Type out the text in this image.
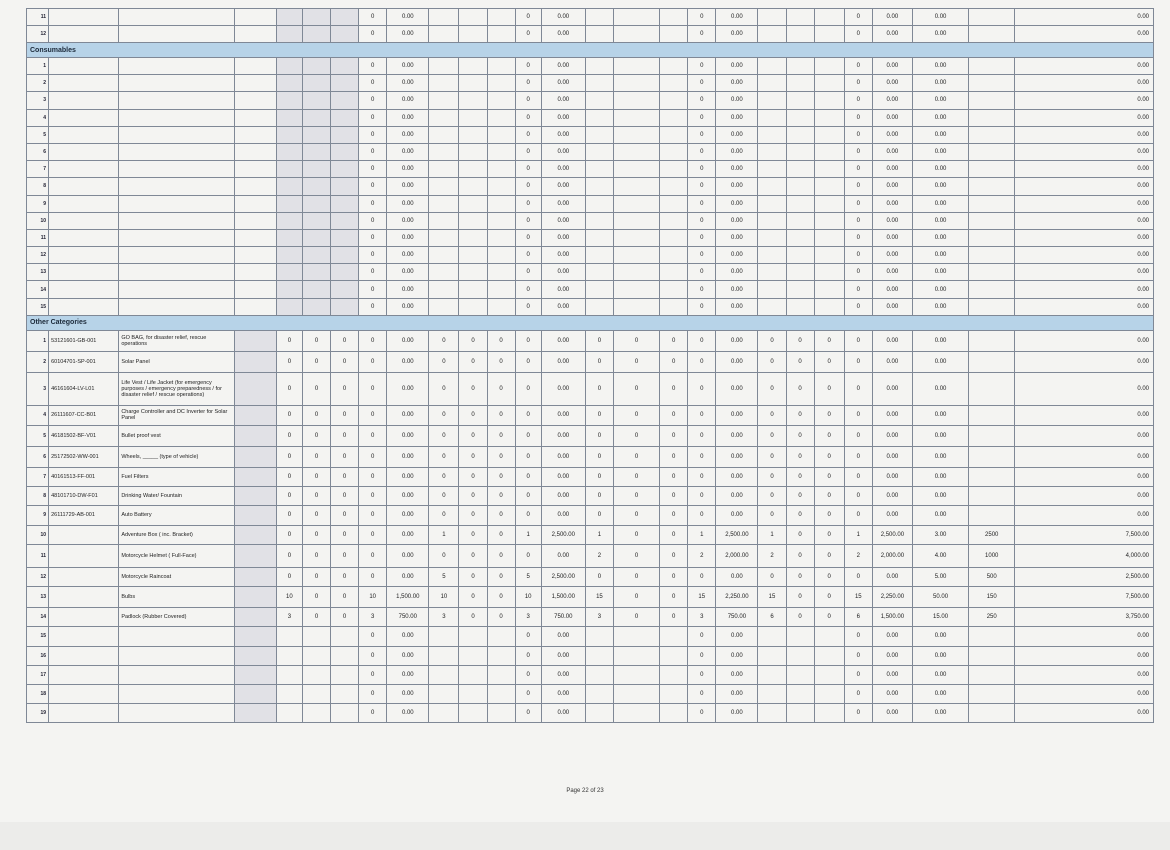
11							0	0.00				0	0.00				0	0.00				0	0.00	0.00		0.00
12							0	0.00				0	0.00				0	0.00				0	0.00	0.00		0.00
Consumables																										
1							0	0.00				0	0.00				0	0.00				0	0.00	0.00		0.00
2							0	0.00				0	0.00				0	0.00				0	0.00	0.00		0.00
3							0	0.00				0	0.00				0	0.00				0	0.00	0.00		0.00
4							0	0.00				0	0.00				0	0.00				0	0.00	0.00		0.00
5							0	0.00				0	0.00				0	0.00				0	0.00	0.00		0.00
6							0	0.00				0	0.00				0	0.00				0	0.00	0.00		0.00
7							0	0.00				0	0.00				0	0.00				0	0.00	0.00		0.00
8							0	0.00				0	0.00				0	0.00				0	0.00	0.00		0.00
9							0	0.00				0	0.00				0	0.00				0	0.00	0.00		0.00
10							0	0.00				0	0.00				0	0.00				0	0.00	0.00		0.00
11							0	0.00				0	0.00				0	0.00				0	0.00	0.00		0.00
12							0	0.00				0	0.00				0	0.00				0	0.00	0.00		0.00
13							0	0.00				0	0.00				0	0.00				0	0.00	0.00		0.00
14							0	0.00				0	0.00				0	0.00				0	0.00	0.00		0.00
15							0	0.00				0	0.00				0	0.00				0	0.00	0.00		0.00
Other Categories																										
1	53121601-GB-001	GO BAG, for disaster relief, rescue operations		0	0	0	0	0.00	0	0	0	0	0.00	0	0	0	0	0.00	0	0	0	0	0.00	0.00		0.00
2	60104701-SP-001	Solar Panel		0	0	0	0	0.00	0	0	0	0	0.00	0	0	0	0	0.00	0	0	0	0	0.00	0.00		0.00
3	46161604-LV-L01	Life Vest / Life Jacket (for emergency purposes / emergency preparedness / for disaster relief / rescue operations)		0	0	0	0	0.00	0	0	0	0	0.00	0	0	0	0	0.00	0	0	0	0	0.00	0.00		0.00
4	26111607-CC-B01	Charge Controller and DC Inverter for Solar Panel		0	0	0	0	0.00	0	0	0	0	0.00	0	0	0	0	0.00	0	0	0	0	0.00	0.00		0.00
5	46181502-BF-V01	Bullet proof vest		0	0	0	0	0.00	0	0	0	0	0.00	0	0	0	0	0.00	0	0	0	0	0.00	0.00		0.00
6	25172502-WW-001	Wheels, _____ (type of vehicle)		0	0	0	0	0.00	0	0	0	0	0.00	0	0	0	0	0.00	0	0	0	0	0.00	0.00		0.00
7	40161513-FF-001	Fuel Filters		0	0	0	0	0.00	0	0	0	0	0.00	0	0	0	0	0.00	0	0	0	0	0.00	0.00		0.00
8	48101710-DW-F01	Drinking Water/ Fountain		0	0	0	0	0.00	0	0	0	0	0.00	0	0	0	0	0.00	0	0	0	0	0.00	0.00		0.00
9	26111729-AB-001	Auto Battery		0	0	0	0	0.00	0	0	0	0	0.00	0	0	0	0	0.00	0	0	0	0	0.00	0.00		0.00
10		Adventure Box ( inc. Bracket)		0	0	0	0	0.00	1	0	0	1	2,500.00	1	0	0	1	2,500.00	1	0	0	1	2,500.00	3.00	2500	7,500.00
11		Motorcycle Helmet ( Full-Face)		0	0	0	0	0.00	0	0	0	0	0.00	2	0	0	2	2,000.00	2	0	0	2	2,000.00	4.00	1000	4,000.00
12		Motorcycle Raincoat		0	0	0	0	0.00	5	0	0	5	2,500.00	0	0	0	0	0.00	0	0	0	0	0.00	5.00	500	2,500.00
13		Bulbs		10	0	0	10	1,500.00	10	0	0	10	1,500.00	15	0	0	15	2,250.00	15	0	0	15	2,250.00	50.00	150	7,500.00
14		Padlock (Rubber Covered)		3	0	0	3	750.00	3	0	0	3	750.00	3	0	0	3	750.00	6	0	0	6	1,500.00	15.00	250	3,750.00
15							0	0.00				0	0.00				0	0.00				0	0.00	0.00		0.00
16							0	0.00				0	0.00				0	0.00				0	0.00	0.00		0.00
17							0	0.00				0	0.00				0	0.00				0	0.00	0.00		0.00
18							0	0.00				0	0.00				0	0.00				0	0.00	0.00		0.00
19							0	0.00				0	0.00				0	0.00				0	0.00	0.00		0.00
Page 22 of 23
